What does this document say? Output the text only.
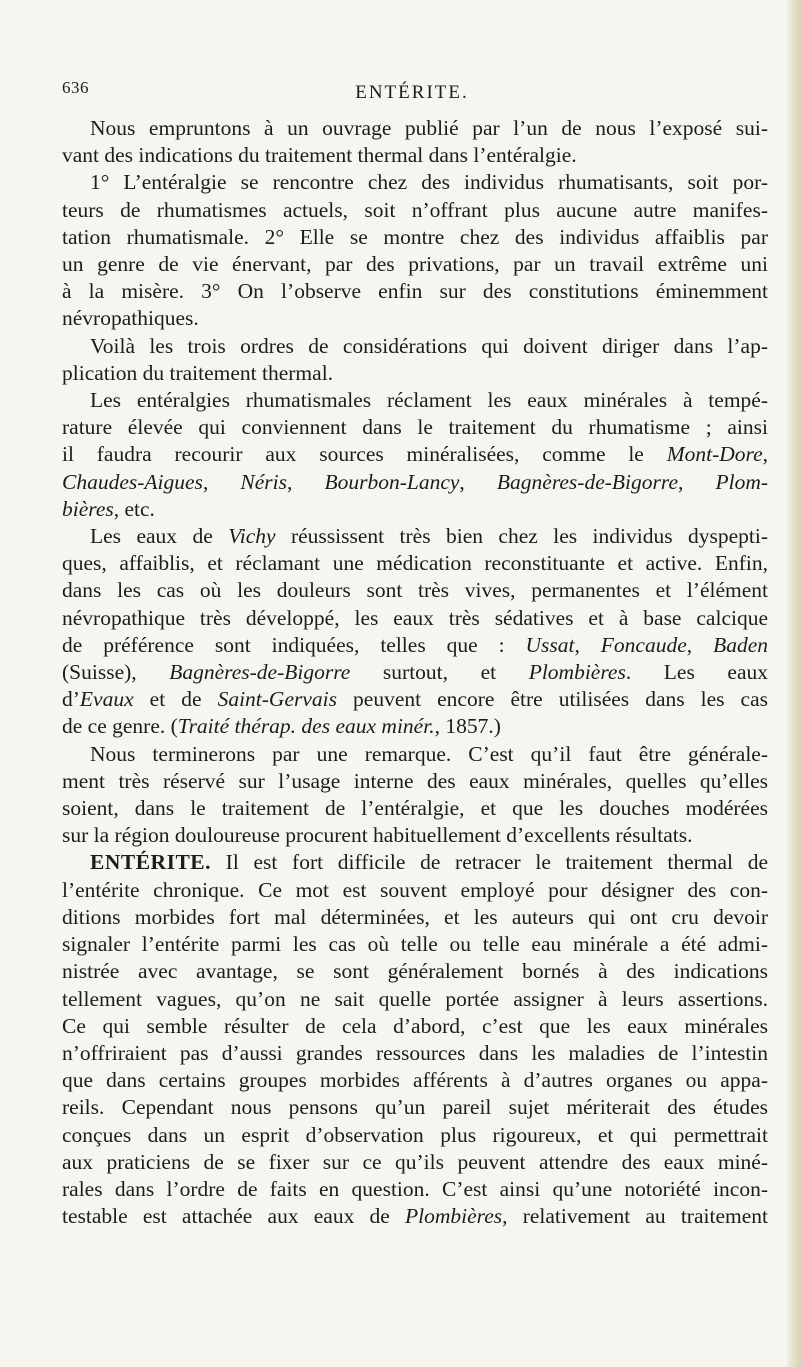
636	ENTÉRITE.
Nous empruntons à un ouvrage publié par l’un de nous l’exposé sui-
vant des indications du traitement thermal dans l’entéralgie.
1° L’entéralgie se rencontre chez des individus rhumatisants, soit por-
teurs de rhumatismes actuels, soit n’offrant plus aucune autre manifes-
tation rhumatismale. 2° Elle se montre chez des individus affaiblis par
un genre de vie énervant, par des privations, par un travail extrême uni
à la misère. 3° On l’observe enfin sur des constitutions éminemment
névropathiques.
Voilà les trois ordres de considérations qui doivent diriger dans l’ap-
plication du traitement thermal.
Les entéralgies rhumatismales réclament les eaux minérales à tempé-
rature élevée qui conviennent dans le traitement du rhumatisme ; ainsi
il faudra recourir aux sources minéralisées, comme le Mont-Dore,
Chaudes-Aigues, Néris, Bourbon-Lancy, Bagnères-de-Bigorre, Plom-
bières, etc.
Les eaux de Vichy réussissent très bien chez les individus dyspepti-
ques, affaiblis, et réclamant une médication reconstituante et active. Enfin,
dans les cas où les douleurs sont très vives, permanentes et l’élément
névropathique très développé, les eaux très sédatives et à base calcique
de préférence sont indiquées, telles que : Ussat, Foncaude, Baden
(Suisse), Bagnères-de-Bigorre surtout, et Plombières. Les eaux
d’Evaux et de Saint-Gervais peuvent encore être utilisées dans les cas
de ce genre. (Traité thérap. des eaux minér., 1857.)
Nous terminerons par une remarque. C’est qu’il faut être générale-
ment très réservé sur l’usage interne des eaux minérales, quelles qu’elles
soient, dans le traitement de l’entéralgie, et que les douches modérées
sur la région douloureuse procurent habituellement d’excellents résultats.
ENTÉRITE. Il est fort difficile de retracer le traitement thermal de
l’entérite chronique. Ce mot est souvent employé pour désigner des con-
ditions morbides fort mal déterminées, et les auteurs qui ont cru devoir
signaler l’entérite parmi les cas où telle ou telle eau minérale a été admi-
nistrée avec avantage, se sont généralement bornés à des indications
tellement vagues, qu’on ne sait quelle portée assigner à leurs assertions.
Ce qui semble résulter de cela d’abord, c’est que les eaux minérales
n’offriraient pas d’aussi grandes ressources dans les maladies de l’intestin
que dans certains groupes morbides afférents à d’autres organes ou appa-
reils. Cependant nous pensons qu’un pareil sujet mériterait des études
conçues dans un esprit d’observation plus rigoureux, et qui permettrait
aux praticiens de se fixer sur ce qu’ils peuvent attendre des eaux miné-
rales dans l’ordre de faits en question. C’est ainsi qu’une notoriété incon-
testable est attachée aux eaux de Plombières, relativement au traitement
